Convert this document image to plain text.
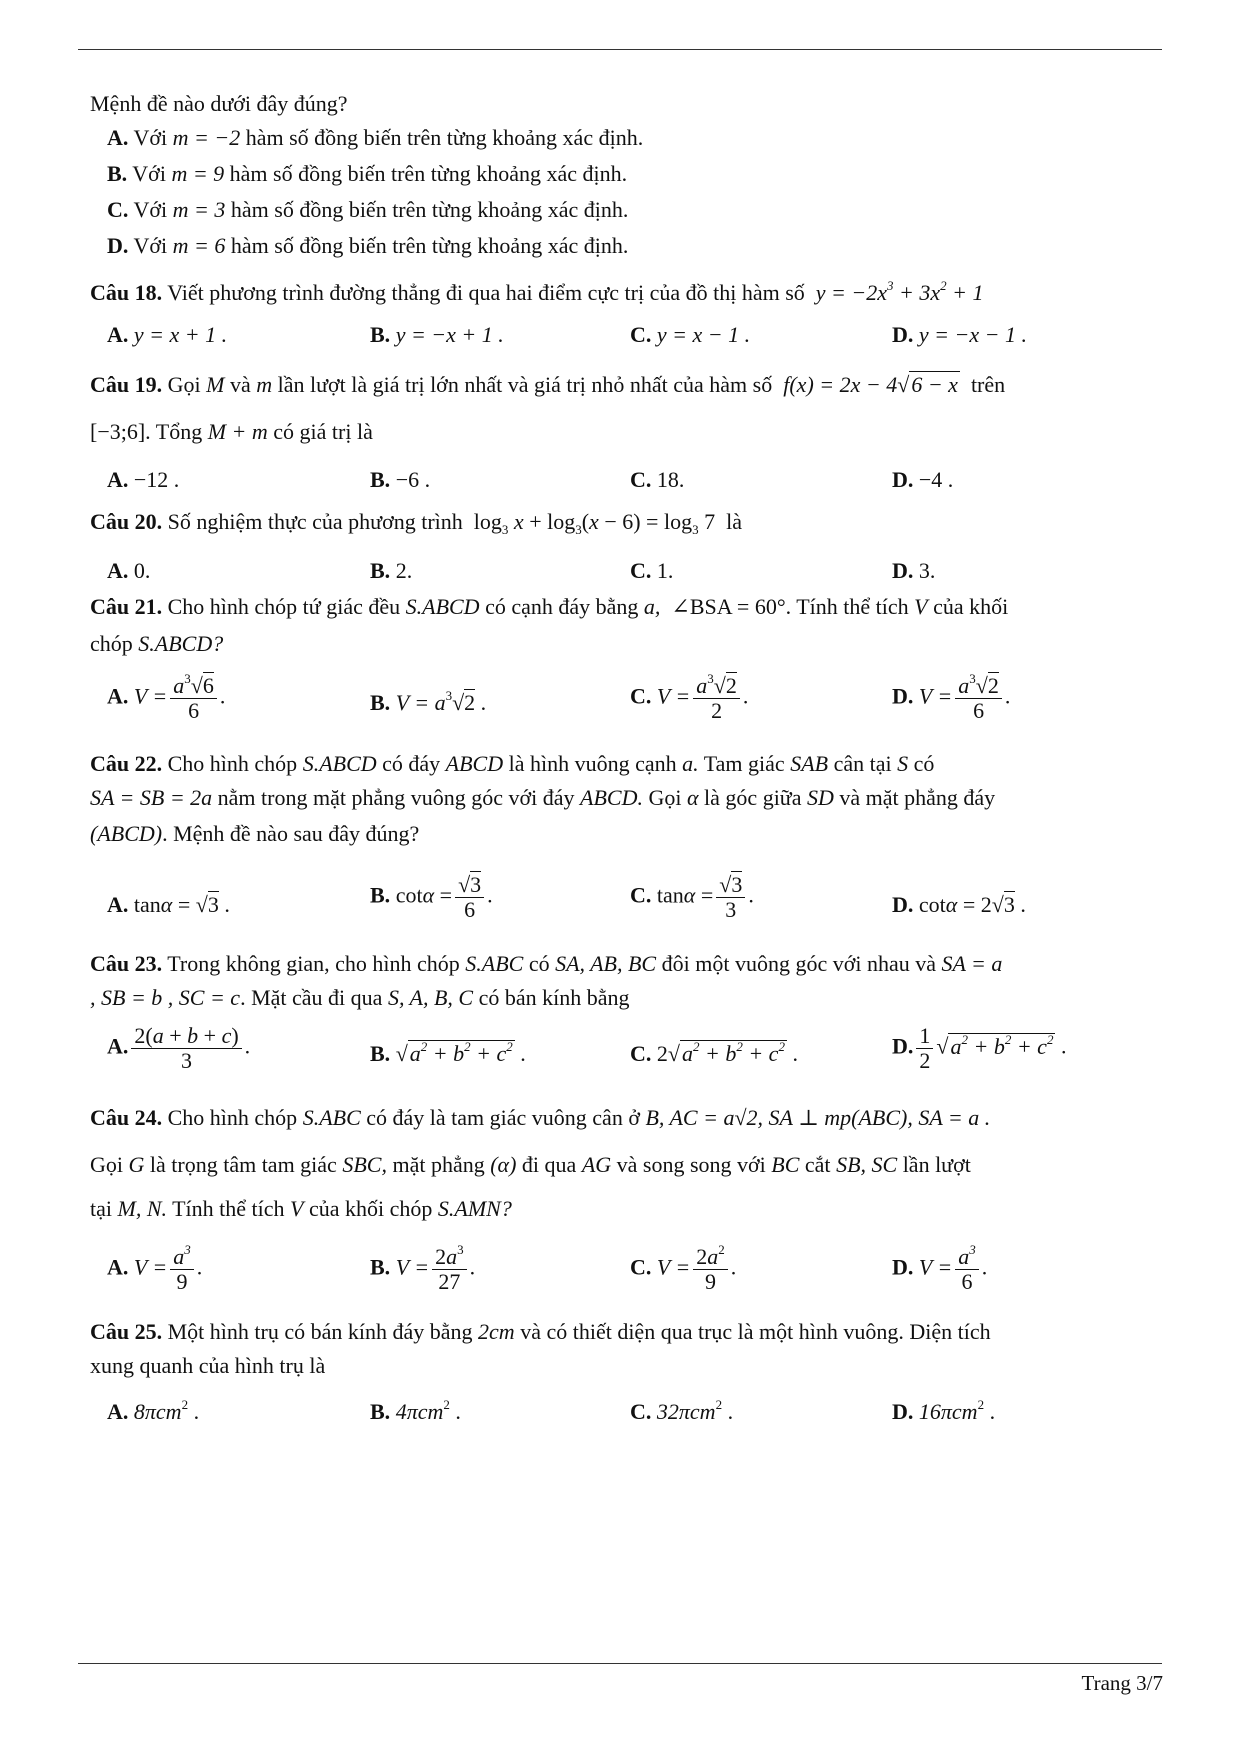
Mệnh đề nào dưới đây đúng?
A. Với m = −2 hàm số đồng biến trên từng khoảng xác định.
B. Với m = 9 hàm số đồng biến trên từng khoảng xác định.
C. Với m = 3 hàm số đồng biến trên từng khoảng xác định.
D. Với m = 6 hàm số đồng biến trên từng khoảng xác định.
Câu 18. Viết phương trình đường thẳng đi qua hai điểm cực trị của đồ thị hàm số $y = -2x^3 + 3x^2 + 1$
A. y = x + 1 .	B. y = −x + 1 .	C. y = x − 1 .	D. y = −x − 1 .
Câu 19. Gọi M và m lần lượt là giá trị lớn nhất và giá trị nhỏ nhất của hàm số f(x) = 2x − 4√6 − x trên
[−3;6]. Tổng M + m có giá trị là
A. −12 .	B. −6 .	C. 18.	D. −4 .
Câu 20. Số nghiệm thực của phương trình $\log_3 x + \log_3(x - 6) = \log_3 7$ là
A. 0.	B. 2.	C. 1.	D. 3.
Câu 21. Cho hình chóp tứ giác đều S.ABCD có cạnh đáy bằng a, ∠BSA = 60°. Tính thể tích V của khối
chóp S.ABCD?
A. $V = \frac{a^3√6}{6}$ .	B. $V = a^3√2$ .	C. $V = \frac{a^3√2}{2}$ .	D. $V = \frac{a^3√2}{6}$ .
Câu 22. Cho hình chóp S.ABCD có đáy ABCD là hình vuông cạnh a. Tam giác SAB cân tại S có
SA = SB = 2a nằm trong mặt phẳng vuông góc với đáy ABCD. Gọi α là góc giữa SD và mặt phẳng đáy
(ABCD). Mệnh đề nào sau đây đúng?
A. tanα = √3 .	B. $\cot\alpha = \frac{√3}{6}$ .	C. $\tan\alpha = \frac{√3}{3}$ .	D. cotα = 2√3 .
Câu 23. Trong không gian, cho hình chóp S.ABC có SA, AB, BC đôi một vuông góc với nhau và SA = a
, SB = b , SC = c. Mặt cầu đi qua S, A, B, C có bán kính bằng
A. $\frac{2(a + b + c)}{3}$ .	B. $√a^2 + b^2 + c^2$ .	C. $2√a^2 + b^2 + c^2$ .	D. $\frac{1}{2} √a^2 + b^2 + c^2$ .
Câu 24. Cho hình chóp S.ABC có đáy là tam giác vuông cân ở B, AC = a√2, SA ⊥ mp(ABC), SA = a .
Gọi G là trọng tâm tam giác SBC, mặt phẳng (α) đi qua AG và song song với BC cắt SB, SC lần lượt
tại M, N. Tính thể tích V của khối chóp S.AMN?
A. $V = \frac{a^3}{9}$ .	B. $V = \frac{2a^3}{27}$ .	C. $V = \frac{2a^2}{9}$ .	D. $V = \frac{a^3}{6}$ .
Câu 25. Một hình trụ có bán kính đáy bằng 2cm và có thiết diện qua trục là một hình vuông. Diện tích
xung quanh của hình trụ là
A. 8πcm$^2$ .	B. 4πcm$^2$ .	C. 32πcm$^2$ .	D. 16πcm$^2$ .
Trang 3/7
